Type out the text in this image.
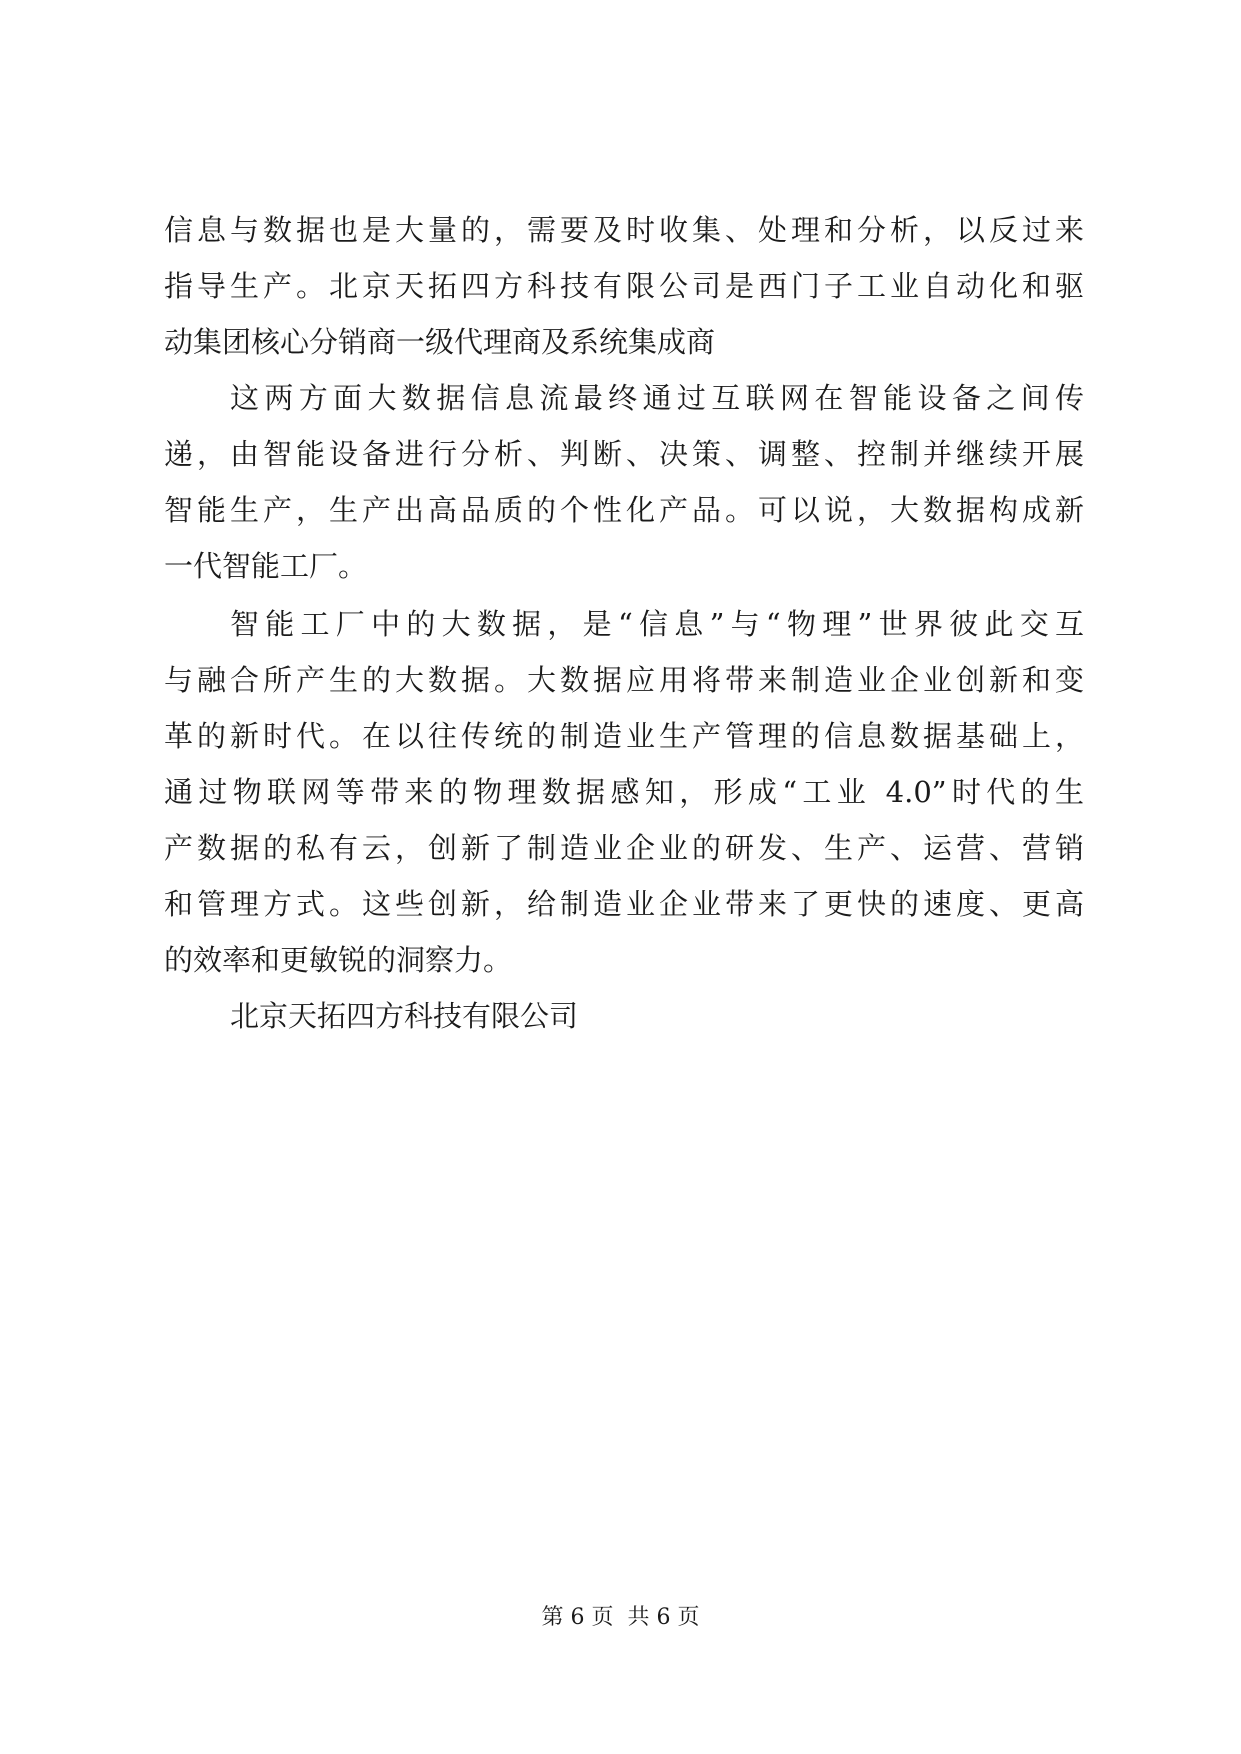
信息与数据也是大量的，需要及时收集、处理和分析，以反过来
指导生产。北京天拓四方科技有限公司是西门子工业自动化和驱
动集团核心分销商一级代理商及系统集成商
这两方面大数据信息流最终通过互联网在智能设备之间传
递，由智能设备进行分析、判断、决策、调整、控制并继续开展
智能生产，生产出高品质的个性化产品。可以说，大数据构成新
一代智能工厂。
智能工厂中的大数据，是“信息”与“物理”世界彼此交互
与融合所产生的大数据。大数据应用将带来制造业企业创新和变
革的新时代。在以往传统的制造业生产管理的信息数据基础上，
通过物联网等带来的物理数据感知，形成“工业 4.0”时代的生
产数据的私有云，创新了制造业企业的研发、生产、运营、营销
和管理方式。这些创新，给制造业企业带来了更快的速度、更高
的效率和更敏锐的洞察力。
北京天拓四方科技有限公司
第 6 页 共 6 页
